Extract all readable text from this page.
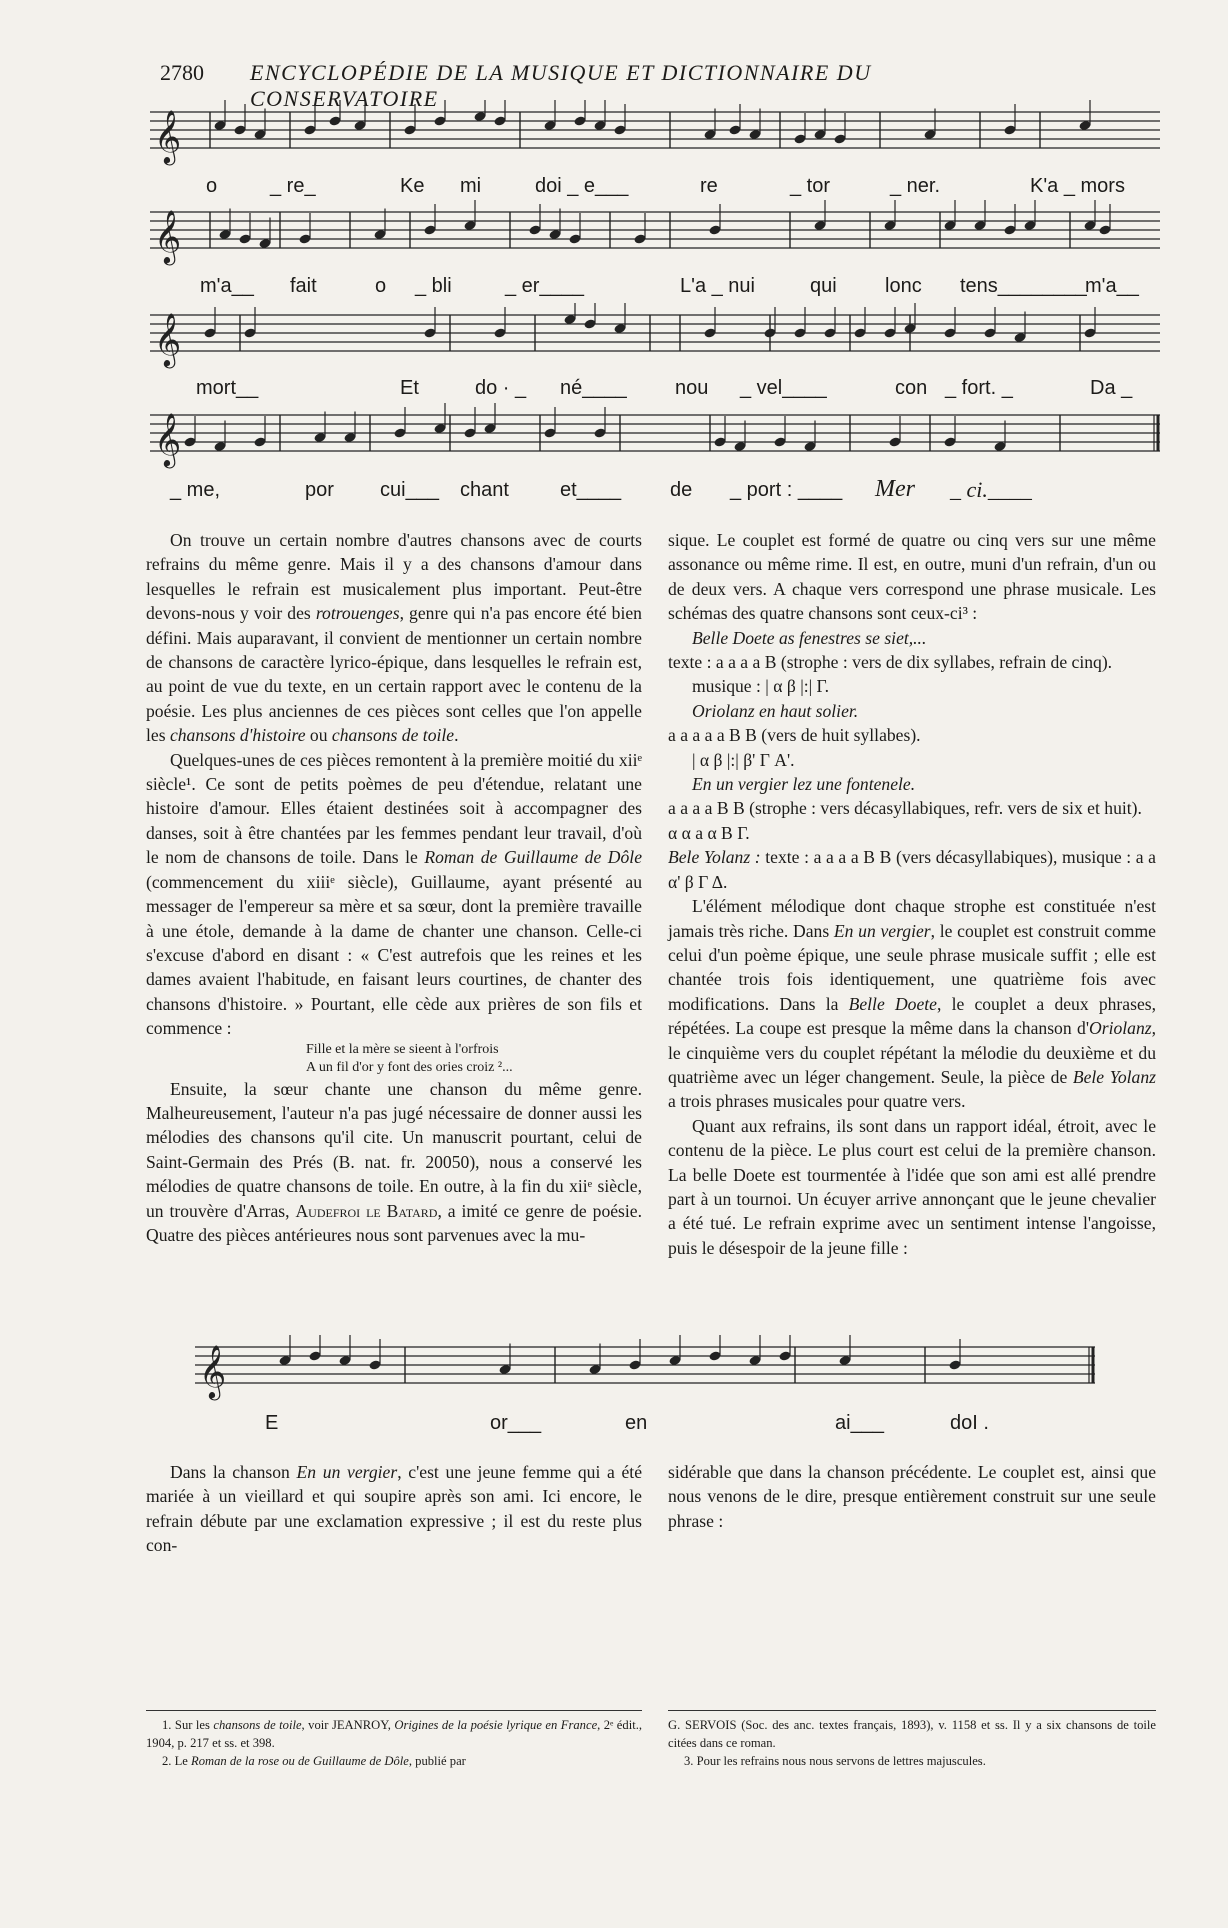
2780 ENCYCLOPÉDIE DE LA MUSIQUE ET DICTIONNAIRE DU CONSERVATOIRE
𝄞
o	_ re_	Ke mi	doi _ e___	re	_ tor	_ ner.	K'a _ mors
𝄞
m'a__ fait	o _ bli	_ er____	L'a _ nui	qui lonc tens________
m'a__
𝄞
mort__	Et	do · _ né____ nou _ vel____	con _ fort. _	Da _
𝄞
_ me,	por cui___ chant	et____ de _ port : ____ Mer _ ci.____

On trouve un certain nombre d'autres chansons avec de courts refrains du même genre. Mais il y a des chansons d'amour dans lesquelles le refrain est musicalement plus important. Peut-être devons-nous y voir des rotrouenges, genre qui n'a pas encore été bien défini. Mais auparavant, il convient de mentionner un certain nombre de chansons de caractère lyrico-épique, dans lesquelles le refrain est, au point de vue du texte, en un certain rapport avec le contenu de la poésie. Les plus anciennes de ces pièces sont celles que l'on appelle les chansons d'histoire ou chansons de toile.

Quelques-unes de ces pièces remontent à la première moitié du xiiᵉ siècle¹. Ce sont de petits poèmes de peu d'étendue, relatant une histoire d'amour. Elles étaient destinées soit à accompagner des danses, soit à être chantées par les femmes pendant leur travail, d'où le nom de chansons de toile. Dans le Roman de Guillaume de Dôle (commencement du xiiiᵉ siècle), Guillaume, ayant présenté au messager de l'empereur sa mère et sa sœur, dont la première travaille à une étole, demande à la dame de chanter une chanson. Celle-ci s'excuse d'abord en disant : « C'est autrefois que les reines et les dames avaient l'habitude, en faisant leurs courtines, de chanter des chansons d'histoire. » Pourtant, elle cède aux prières de son fils et commence :

Fille et la mère se sieent à l'orfrois
A un fil d'or y font des ories croiz ²...

Ensuite, la sœur chante une chanson du même genre. Malheureusement, l'auteur n'a pas jugé nécessaire de donner aussi les mélodies des chansons qu'il cite. Un manuscrit pourtant, celui de Saint-Germain des Prés (B. nat. fr. 20050), nous a conservé les mélodies de quatre chansons de toile. En outre, à la fin du xiiᵉ siècle, un trouvère d'Arras, Audefroi le Batard, a imité ce genre de poésie. Quatre des pièces antérieures nous sont parvenues avec la mu-

sique. Le couplet est formé de quatre ou cinq vers sur une même assonance ou même rime. Il est, en outre, muni d'un refrain, d'un ou de deux vers. A chaque vers correspond une phrase musicale. Les schémas des quatre chansons sont ceux-ci³ :

Belle Doete as fenestres se siet,...

texte : a a a a B (strophe : vers de dix syllabes, refrain de cinq).

musique : | α β |:| Γ.

Oriolanz en haut solier.

a a a a a B B (vers de huit syllabes).

| α β |:| β' Γ A'.

En un vergier lez une fontenele.

a a a a B B (strophe : vers décasyllabiques, refr. vers de six et huit).

α α a α B Γ.

Bele Yolanz : texte : a a a a B B (vers décasyllabiques), musique : a a α' β Γ Δ.

L'élément mélodique dont chaque strophe est constituée n'est jamais très riche. Dans En un vergier, le couplet est construit comme celui d'un poème épique, une seule phrase musicale suffit ; elle est chantée trois fois identiquement, une quatrième fois avec modifications. Dans la Belle Doete, le couplet a deux phrases, répétées. La coupe est presque la même dans la chanson d'Oriolanz, le cinquième vers du couplet répétant la mélodie du deuxième et du quatrième avec un léger changement. Seule, la pièce de Bele Yolanz a trois phrases musicales pour quatre vers.

Quant aux refrains, ils sont dans un rapport idéal, étroit, avec le contenu de la pièce. Le plus court est celui de la première chanson. La belle Doete est tourmentée à l'idée que son ami est allé prendre part à un tournoi. Un écuyer arrive annonçant que le jeune chevalier a été tué. Le refrain exprime avec un sentiment intense l'angoisse, puis le désespoir de la jeune fille :

𝄞
E	or___	en	ai___	doI .

Dans la chanson En un vergier, c'est une jeune femme qui a été mariée à un vieillard et qui soupire après son ami. Ici encore, le refrain débute par une exclamation expressive ; il est du reste plus con-

sidérable que dans la chanson précédente. Le couplet est, ainsi que nous venons de le dire, presque entièrement construit sur une seule phrase :

1. Sur les chansons de toile, voir JEANROY, Origines de la poésie lyrique en France, 2ᵉ édit., 1904, p. 217 et ss. et 398.

2. Le Roman de la rose ou de Guillaume de Dôle, publié par

G. SERVOIS (Soc. des anc. textes français, 1893), v. 1158 et ss. Il y a six chansons de toile citées dans ce roman.

3. Pour les refrains nous nous servons de lettres majuscules.
